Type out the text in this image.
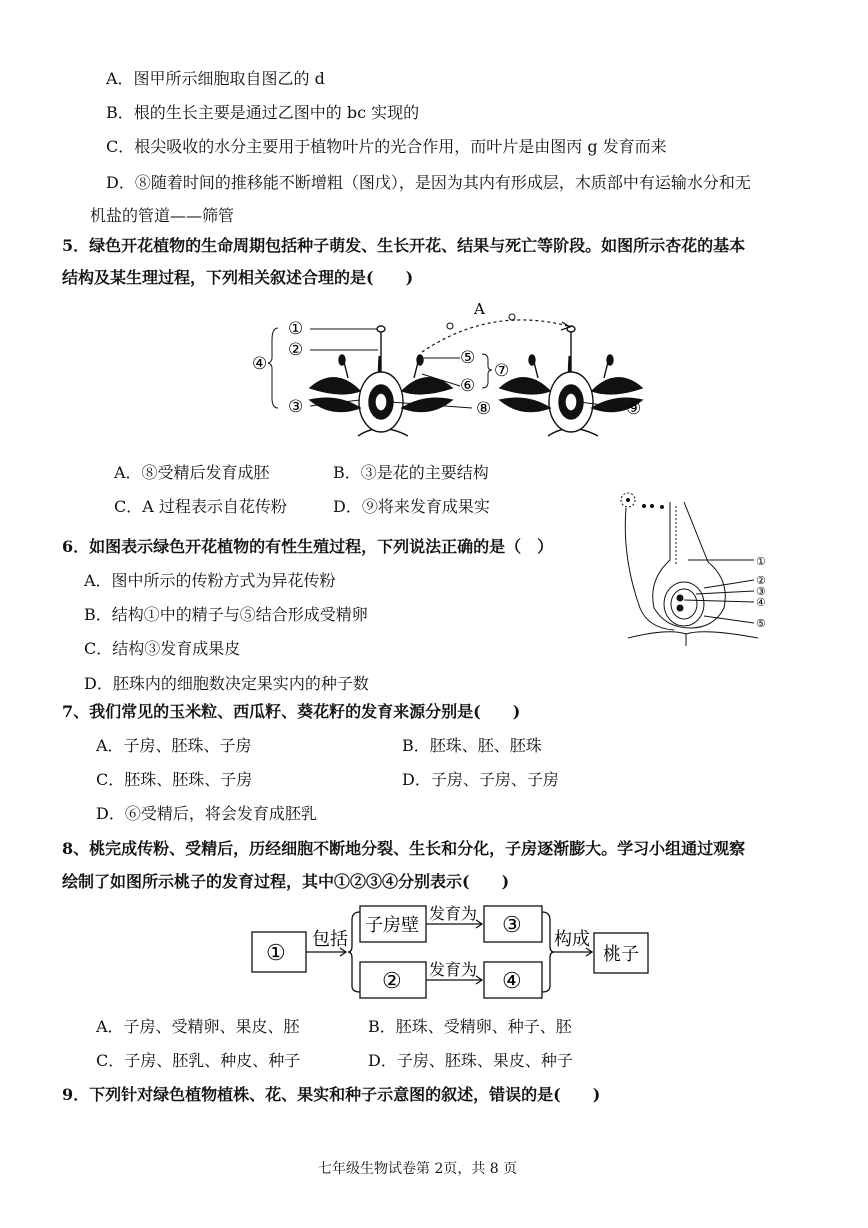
A．图甲所示细胞取自图乙的 d
B．根的生长主要是通过乙图中的 bc 实现的
C．根尖吸收的水分主要用于植物叶片的光合作用，而叶片是由图丙 g 发育而来
D．⑧随着时间的推移能不断增粗（图戊），是因为其内有形成层，木质部中有运输水分和无
机盐的管道——筛管
5．绿色开花植物的生命周期包括种子萌发、生长开花、结果与死亡等阶段。如图所示杏花的基本
结构及某生理过程，下列相关叙述合理的是(　　)
A
①
②
④
③
⑤
⑥
⑦
⑧	⑨
A．⑧受精后发育成胚	B．③是花的主要结构
C．A 过程表示自花传粉	D．⑨将来发育成果实
①
②
③
④
⑤
6．如图表示绿色开花植物的有性生殖过程，下列说法正确的是（　）
A．图中所示的传粉方式为异花传粉
B．结构①中的精子与⑤结合形成受精卵
C．结构③发育成果皮
D．胚珠内的细胞数决定果实内的种子数
7、我们常见的玉米粒、西瓜籽、葵花籽的发育来源分别是(　　)
A．子房、胚珠、子房	B．胚珠、胚、胚珠
C．胚珠、胚珠、子房	D．子房、子房、子房
D．⑥受精后，将会发育成胚乳
8、桃完成传粉、受精后，历经细胞不断地分裂、生长和分化，子房逐渐膨大。学习小组通过观察
绘制了如图所示桃子的发育过程，其中①②③④分别表示(　　)
①
包括
子房壁
②
发育为
发育为
③
④
构成
桃子
A．子房、受精卵、果皮、胚	B．胚珠、受精卵、种子、胚
C．子房、胚乳、种皮、种子	D．子房、胚珠、果皮、种子
9．下列针对绿色植物植株、花、果实和种子示意图的叙述，错误的是(　　)
七年级生物试卷第 2页，共 8 页
